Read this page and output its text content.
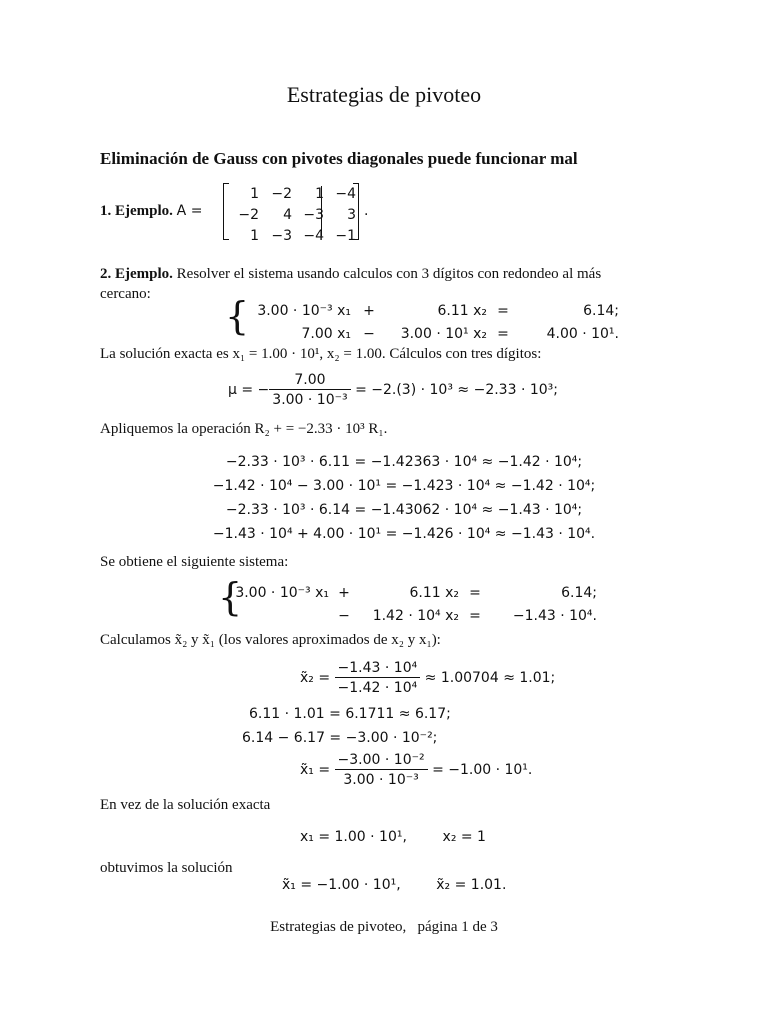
Estrategias de pivoteo
Eliminación de Gauss con pivotes diagonales puede funcionar mal
1. Ejemplo. A =
1	−2	1	−4
−2	4	−3	3
1	−3	−4	−1
.
2. Ejemplo. Resolver el sistema usando calculos con 3 dígitos con redondeo al más
cercano: { 3.00 · 10⁻³ x₁	+	6.11 x₂	=	6.14;
7.00 x₁	−	3.00 · 10¹ x₂	=	4.00 · 10¹.
La solución exacta es x₁ = 1.00 · 10¹, x₂ = 1.00. Cálculos con tres dígitos:
μ = − $\frac{7.00}{\text{3.00 · 10⁻³}} = -2.(3) \cdot 10^3 \approx -2.33 \cdot 10^3$;
Apliquemos la operación R₂ + = −2.33 · 10³ R₁.
−2.33 · 10³ · 6.11 = −1.42363 · 10⁴ ≈ −1.42 · 10⁴;
−1.42 · 10⁴ − 3.00 · 10¹ = −1.423 · 10⁴ ≈ −1.42 · 10⁴;
−2.33 · 10³ · 6.14 = −1.43062 · 10⁴ ≈ −1.43 · 10⁴;
−1.43 · 10⁴ + 4.00 · 10¹ = −1.426 · 10⁴ ≈ −1.43 · 10⁴.
Se obtiene el siguiente sistema:
{
3.00 · 10⁻³ x₁	+	6.11 x₂	=	6.14;
	−	1.42 · 10⁴ x₂	=	−1.43 · 10⁴.
Calculamos x̃₂ y x̃₁ (los valores aproximados de x₂ y x₁):
x̃₂ = $\frac{\text{−1.43 · 10⁴}}{\text{−1.42 · 10⁴}} \approx 1.00704 \approx 1.01$;
6.11 · 1.01 = 6.1711 ≈ 6.17;
6.14 − 6.17 = −3.00 · 10⁻²;
x̃₁ = $\frac{\text{−3.00 · 10⁻²}}{\text{3.00 · 10⁻³}} = -1.00 \cdot 10^1$.
En vez de la solución exacta
x₁ = 1.00 · 10¹,        x₂ = 1
obtuvimos la solución
x̃₁ = −1.00 · 10¹,        x̃₂ = 1.01.
Estrategias de pivoteo,   página 1 de 3
